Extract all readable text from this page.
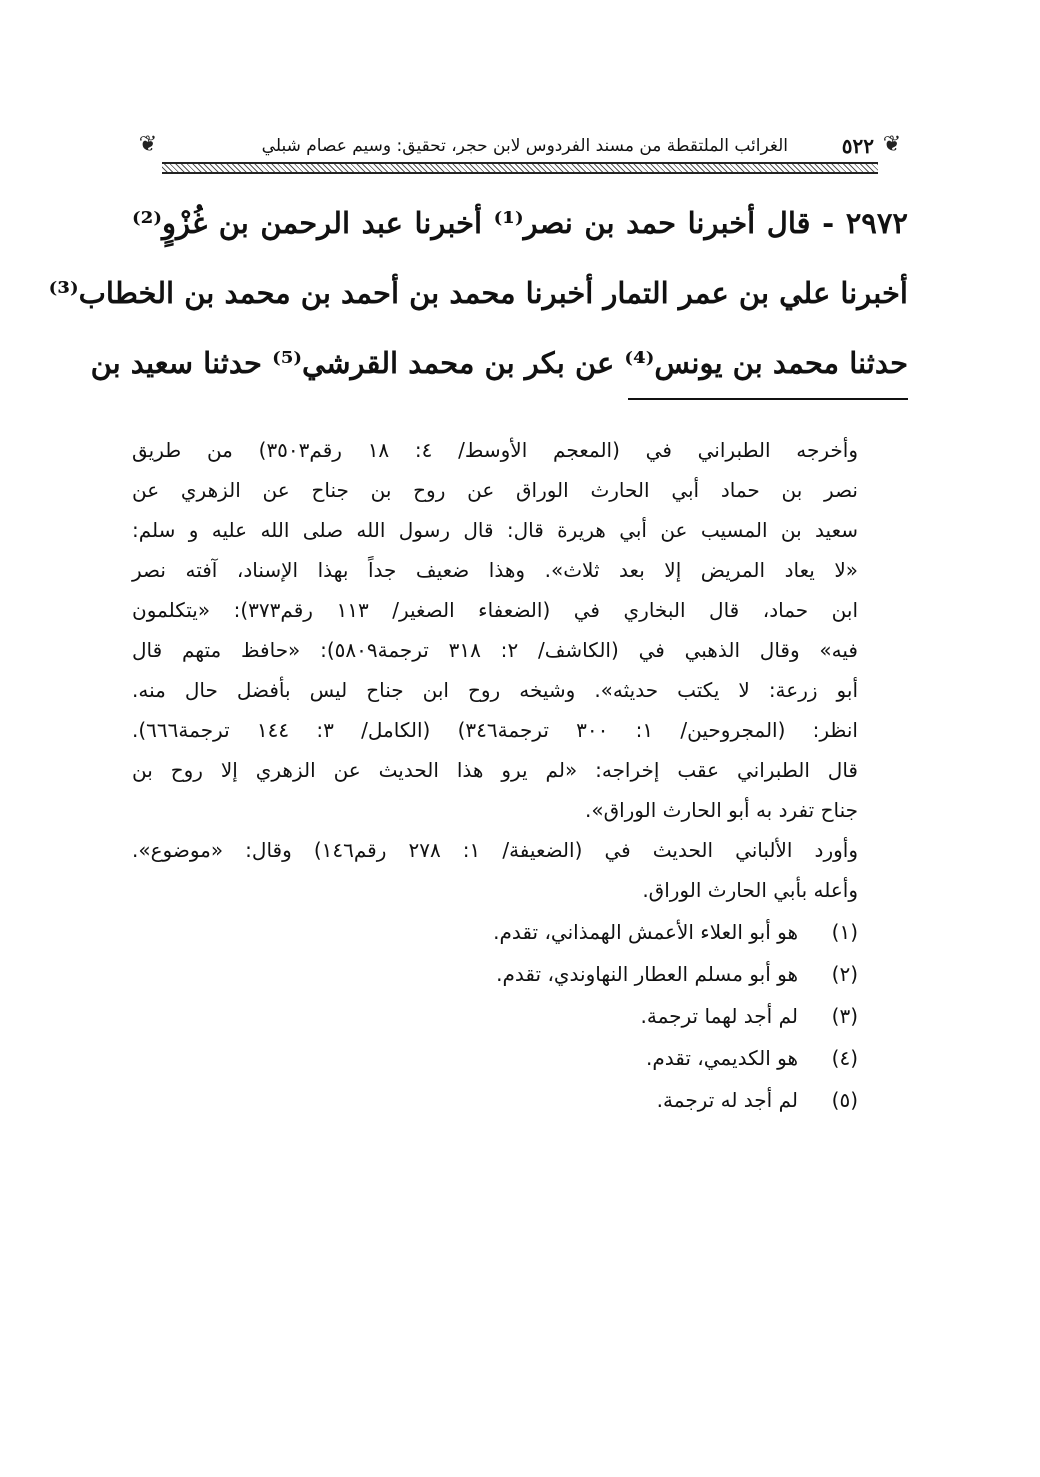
❦
٥٢٢
الغرائب الملتقطة من مسند الفردوس لابن حجر، تحقيق: وسيم عصام شبلي
❦
٢٩٧٢ - قال أخبرنا حمد بن نصر⁽¹⁾ أخبرنا عبد الرحمن بن غُزْوٍ⁽²⁾
أخبرنا علي بن عمر التمار أخبرنا محمد بن أحمد بن محمد بن الخطاب⁽³⁾
حدثنا محمد بن يونس⁽⁴⁾ عن بكر بن محمد القرشي⁽⁵⁾ حدثنا سعيد بن
وأخرجه الطبراني في (المعجم الأوسط/ ٤: ١٨ رقم٣٥٠٣) من طريق
نصر بن حماد أبي الحارث الوراق عن روح بن جناح عن الزهري عن
سعيد بن المسيب عن أبي هريرة قال: قال رسول الله صلى الله عليه و سلم:
«لا يعاد المريض إلا بعد ثلاث». وهذا ضعيف جداً بهذا الإسناد، آفته نصر
ابن حماد، قال البخاري في (الضعفاء الصغير/ ١١٣ رقم٣٧٣): «يتكلمون
فيه» وقال الذهبي في (الكاشف/ ٢: ٣١٨ ترجمة٥٨٠٩): «حافظ متهم قال
أبو زرعة: لا يكتب حديثه». وشيخه روح ابن جناح ليس بأفضل حال منه.
انظر: (المجروحين/ ١: ٣٠٠ ترجمة٣٤٦) (الكامل/ ٣: ١٤٤ ترجمة٦٦٦).
قال الطبراني عقب إخراجه: «لم يرو هذا الحديث عن الزهري إلا روح بن
جناح تفرد به أبو الحارث الوراق».
وأورد الألباني الحديث في (الضعيفة/ ١: ٢٧٨ رقم١٤٦) وقال: «موضوع».
وأعله بأبي الحارث الوراق.
(١)
هو أبو العلاء الأعمش الهمذاني، تقدم.
(٢)
هو أبو مسلم العطار النهاوندي، تقدم.
(٣)
لم أجد لهما ترجمة.
(٤)
هو الكديمي، تقدم.
(٥)
لم أجد له ترجمة.
